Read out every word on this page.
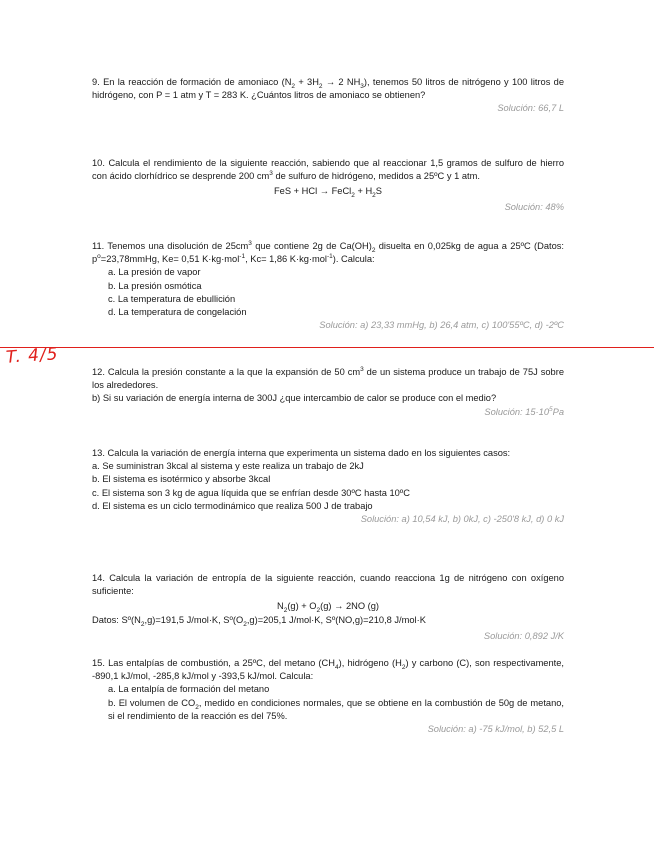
9. En la reacción de formación de amoniaco ($N_2 + 3H_2 \to 2$ $NH_3$), tenemos 50 litros de nitrógeno y 100 litros de hidrógeno, con P = 1 atm y T = 283 K. ¿Cuántos litros de amoniaco se obtienen?

Solución: 66,7 L

10. Calcula el rendimiento de la siguiente reacción, sabiendo que al reaccionar 1,5 gramos de sulfuro de hierro con ácido clorhídrico se desprende 200 $cm^3$ de sulfuro de hidrógeno, medidos a 25ºC y 1 atm.

FeS + HCl → FeCl$_2$ + $H_2S$

Solución: 48%

11. Tenemos una disolución de $25cm^3$ que contiene 2g de $Ca(OH)_2$ disuelta en 0,025kg de agua a 25ºC (Datos: $p^o=23,78mmHg$, Ke= 0,51 K·kg·mol$^{-1}$, Kc= 1,86 K·kg·mol$^{-1}$). Calcula:

a. La presión de vapor
b. La presión osmótica
c. La temperatura de ebullición
d. La temperatura de congelación

Solución: a) 23,33 mmHg, b) 26,4 atm, c) 100'55ºC, d) -2ºC

T. 4/5

12. Calcula la presión constante a la que la expansión de 50 $cm^3$ de un sistema produce un trabajo de 75J sobre los alrededores.

b) Si su variación de energía interna de 300J ¿que intercambio de calor se produce con el medio?

Solución: $15\cdot 10^5Pa$

13. Calcula la variación de energía interna que experimenta un sistema dado en los siguientes casos:

a. Se suministran 3kcal al sistema y este realiza un trabajo de 2kJ
b. El sistema es isotérmico y absorbe 3kcal
c. El sistema son 3 kg de agua líquida que se enfrían desde 30ºC hasta 10ºC
d. El sistema es un ciclo termodinámico que realiza 500 J de trabajo

Solución: a) 10,54 kJ, b) 0kJ, c) -250'8 kJ, d) 0 kJ

14. Calcula la variación de entropía de la siguiente reacción, cuando reacciona 1g de nitrógeno con oxígeno suficiente:

$N_2(g) + O_2(g) \to 2NO$ (g)

Datos: $Sº(N_2,g)=191,5$ J/mol·K, $Sº(O_2,g)=205,1$ J/mol·K, Sº(NO,g)=210,8 J/mol·K

Solución: 0,892 J/K

15. Las entalpías de combustión, a 25ºC, del metano $(CH_4)$, hidrógeno $(H_2)$ y carbono (C), son respectivamente, -890,1 kJ/mol, -285,8 kJ/mol y -393,5 kJ/mol. Calcula:

a. La entalpía de formación del metano
b. El volumen de $CO_2$, medido en condiciones normales, que se obtiene en la combustión de 50g de metano, si el rendimiento de la reacción es del 75%.

Solución: a) -75 kJ/mol, b) 52,5 L
